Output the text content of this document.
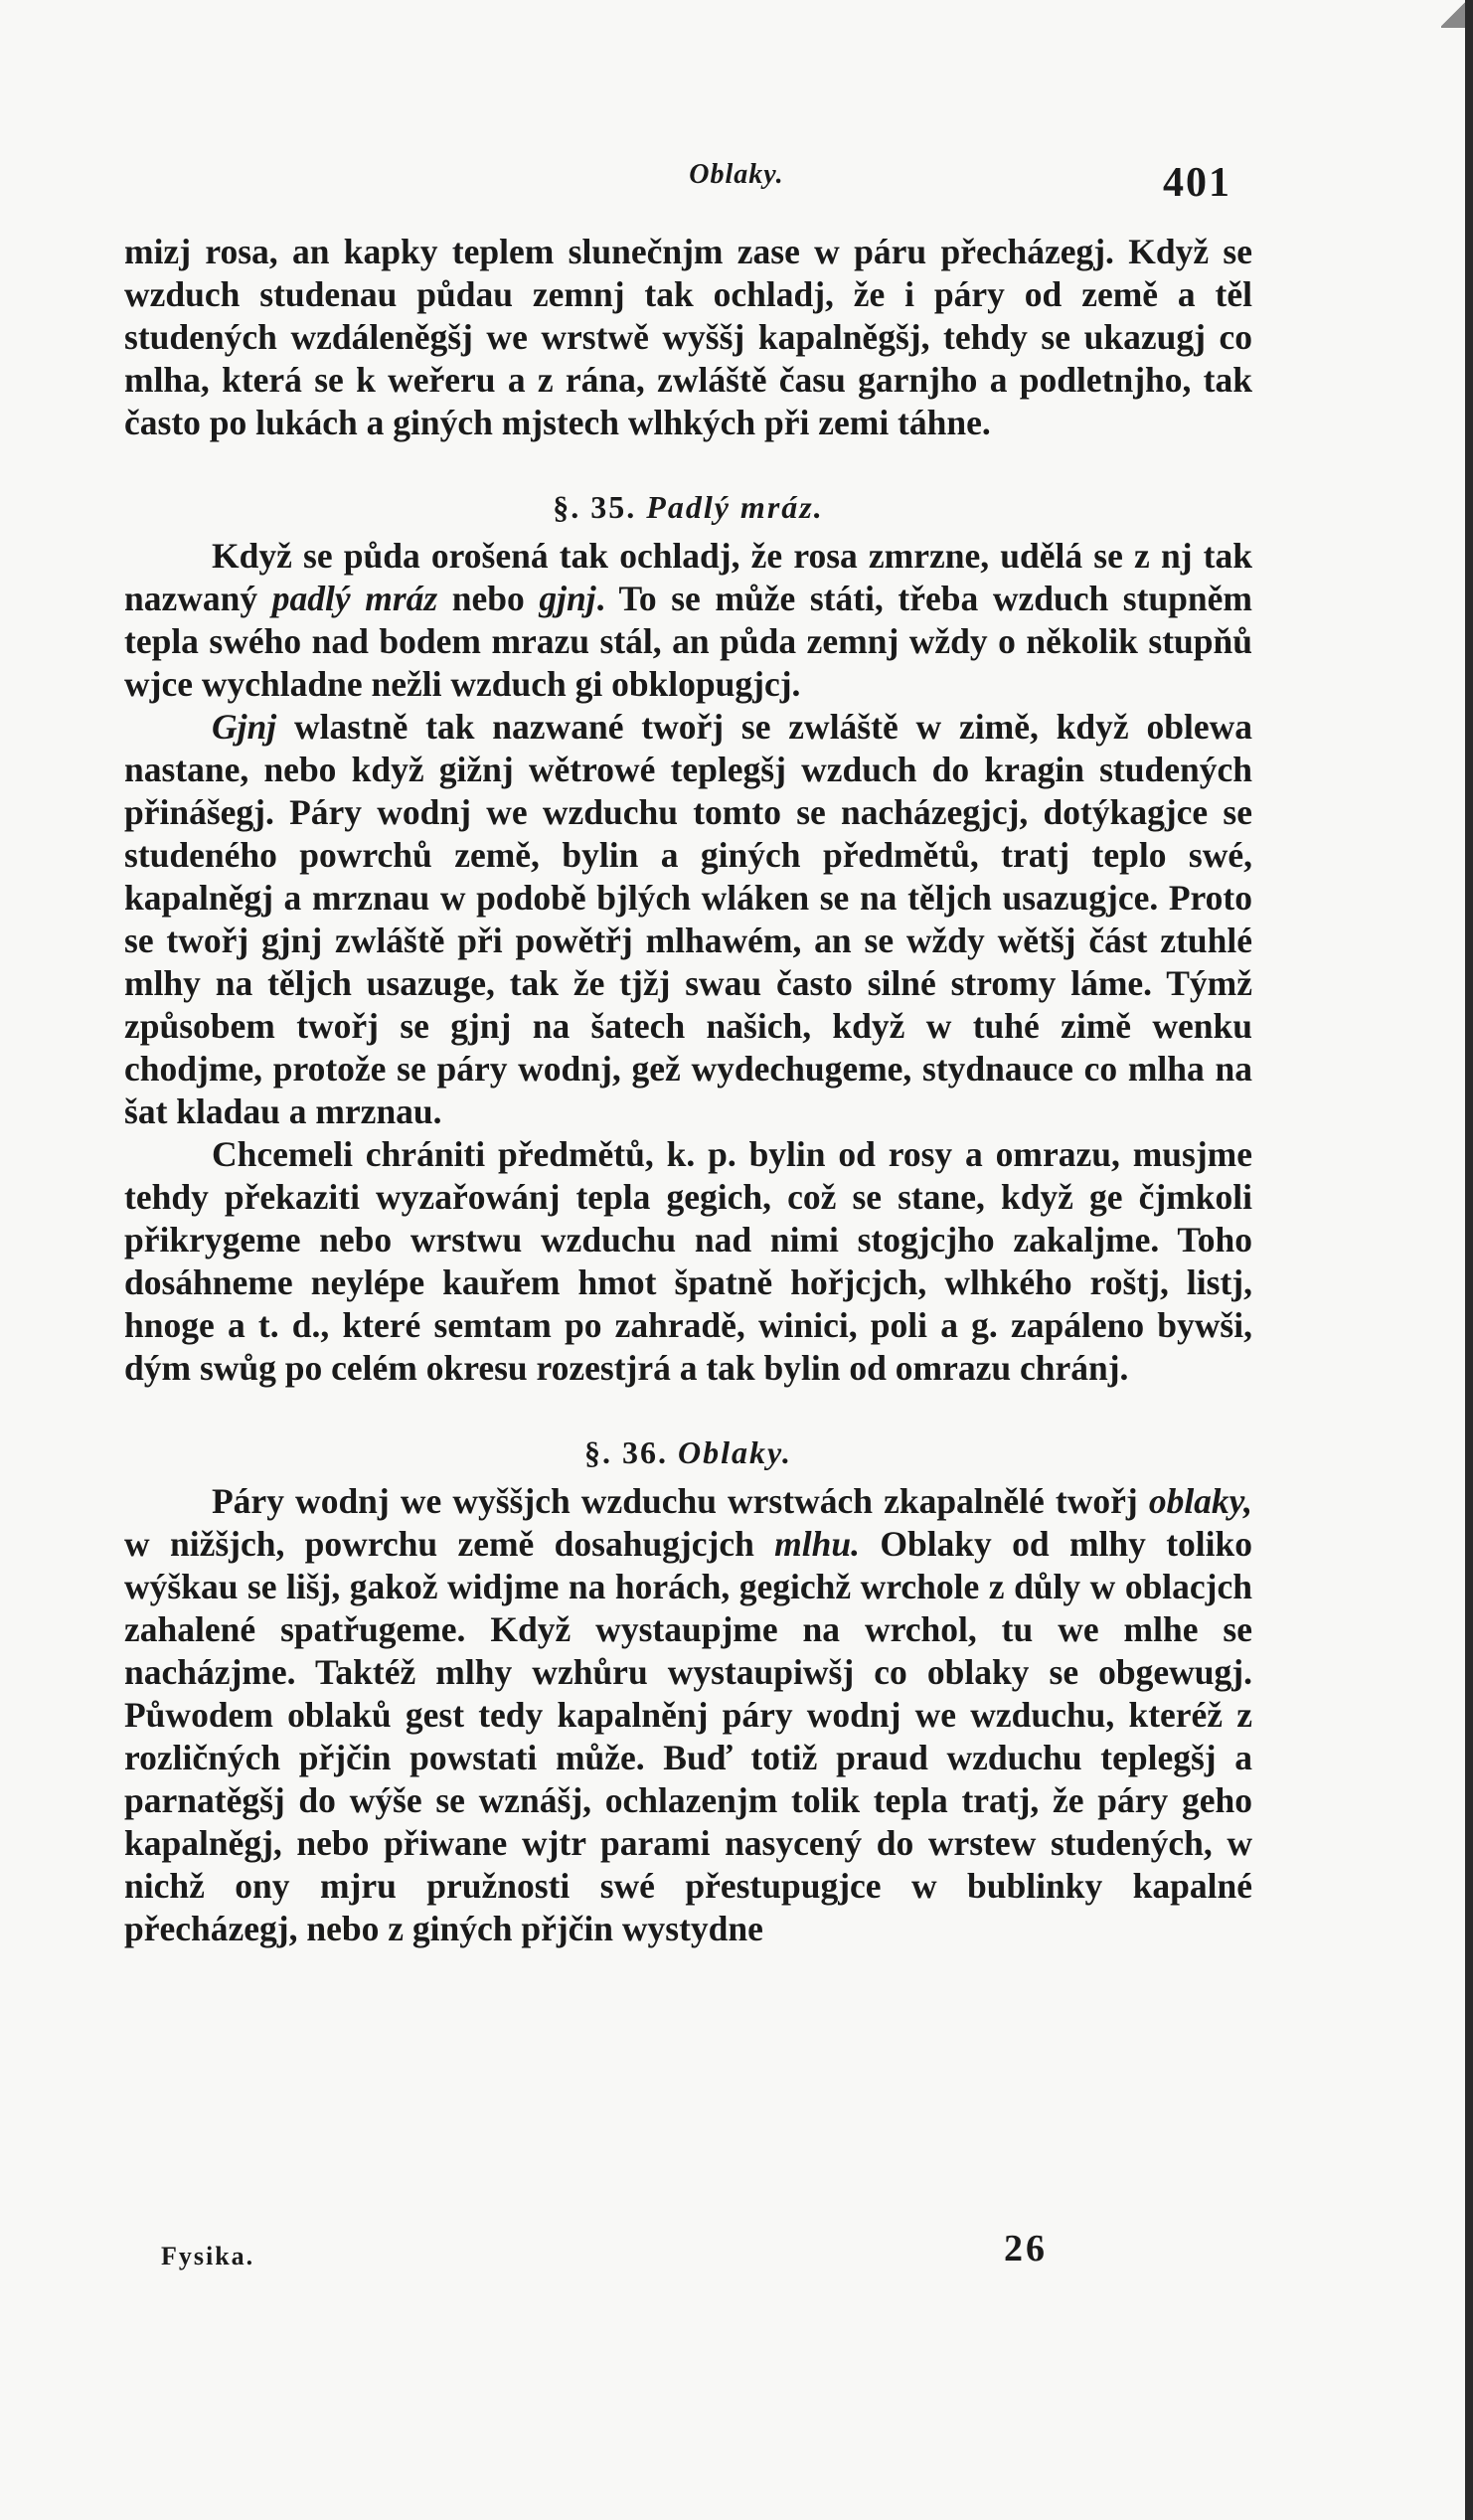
Oblaky.	401

mizj rosa, an kapky teplem slunečnjm zase w páru přecházegj. Když se wzduch studenau půdau zemnj tak ochladj, že i páry od země a těl studených wzdáleněgšj we wrstwě wyššj kapalněgšj, tehdy se ukazugj co mlha, která se k weřeru a z rána, zwláště času garnjho a podletnjho, tak často po lukách a giných mjstech wlhkých při zemi táhne.

§. 35. Padlý mráz.

Když se půda orošená tak ochladj, že rosa zmrzne, udělá se z nj tak nazwaný padlý mráz nebo gjnj. To se může státi, třeba wzduch stupněm tepla swého nad bodem mrazu stál, an půda zemnj wždy o několik stupňů wjce wychladne nežli wzduch gi obklopugjcj.

Gjnj wlastně tak nazwané twořj se zwláště w zimě, když oblewa nastane, nebo když gižnj wětrowé teplegšj wzduch do kragin studených přinášegj. Páry wodnj we wzduchu tomto se nacházegjcj, dotýkagjce se studeného powrchů země, bylin a giných předmětů, tratj teplo swé, kapalněgj a mrznau w podobě bjlých wláken se na těljch usazugjce. Proto se twořj gjnj zwláště při powětřj mlhawém, an se wždy wětšj část ztuhlé mlhy na těljch usazuge, tak že tjžj swau často silné stromy láme. Týmž způsobem twořj se gjnj na šatech našich, když w tuhé zimě wenku chodjme, protože se páry wodnj, gež wydechugeme, stydnauce co mlha na šat kladau a mrznau.

Chcemeli chrániti předmětů, k. p. bylin od rosy a omrazu, musjme tehdy překaziti wyzařowánj tepla gegich, což se stane, když ge čjmkoli přikrygeme nebo wrstwu wzduchu nad nimi stogjcjho zakaljme. Toho dosáhneme neylépe kauřem hmot špatně hořjcjch, wlhkého roštj, listj, hnoge a t. d., které semtam po zahradě, winici, poli a g. zapáleno bywši, dým swůg po celém okresu rozestjrá a tak bylin od omrazu chránj.

§. 36. Oblaky.

Páry wodnj we wyššjch wzduchu wrstwách zkapalnělé twořj oblaky, w nižšjch, powrchu země dosahugjcjch mlhu. Oblaky od mlhy toliko wýškau se lišj, gakož widjme na horách, gegichž wrchole z důly w oblacjch zahalené spatřugeme. Když wystaupjme na wrchol, tu we mlhe se nacházjme. Taktéž mlhy wzhůru wystaupiwšj co oblaky se obgewugj. Půwodem oblaků gest tedy kapalněnj páry wodnj we wzduchu, kteréž z rozličných přjčin powstati může. Buď totiž praud wzduchu teplegšj a parnatěgšj do wýše se wznášj, ochlazenjm tolik tepla tratj, že páry geho kapalněgj, nebo přiwane wjtr parami nasycený do wrstew studených, w nichž ony mjru pružnosti swé přestupugjce w bublinky kapalné přecházegj, nebo z giných přjčin wystydne

Fysika.	26
